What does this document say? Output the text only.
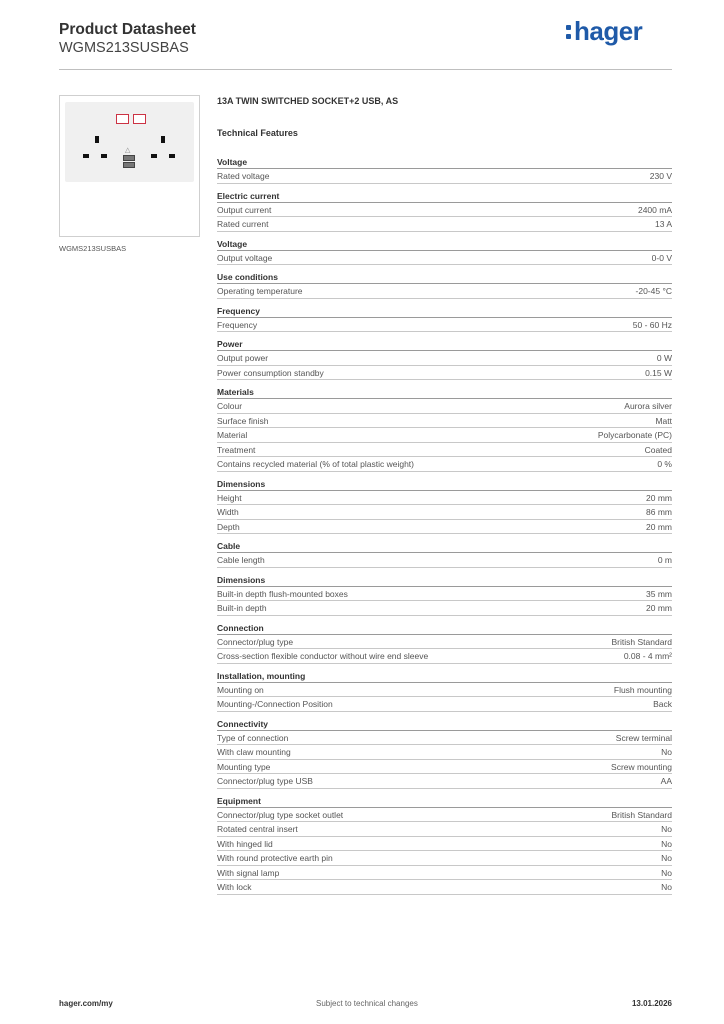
Product Datasheet
WGMS213SUSBAS
hager
△
WGMS213SUSBAS
13A TWIN SWITCHED SOCKET+2 USB, AS
Technical Features
Voltage
Rated voltage	230 V
Electric current
Output current	2400 mA
Rated current	13 A
Voltage
Output voltage	0-0 V
Use conditions
Operating temperature	-20-45 °C
Frequency
Frequency	50 - 60 Hz
Power
Output power	0 W
Power consumption standby	0.15 W
Materials
Colour	Aurora silver
Surface finish	Matt
Material	Polycarbonate (PC)
Treatment	Coated
Contains recycled material (% of total plastic weight)	0 %
Dimensions
Height	20 mm
Width	86 mm
Depth	20 mm
Cable
Cable length	0 m
Dimensions
Built-in depth flush-mounted boxes	35 mm
Built-in depth	20 mm
Connection
Connector/plug type	British Standard
Cross-section flexible conductor without wire end sleeve	0.08 - 4 mm²
Installation, mounting
Mounting on	Flush mounting
Mounting-/Connection Position	Back
Connectivity
Type of connection	Screw terminal
With claw mounting	No
Mounting type	Screw mounting
Connector/plug type USB	AA
Equipment
Connector/plug type socket outlet	British Standard
Rotated central insert	No
With hinged lid	No
With round protective earth pin	No
With signal lamp	No
With lock	No
hager.com/my	Subject to technical changes	13.01.2026
